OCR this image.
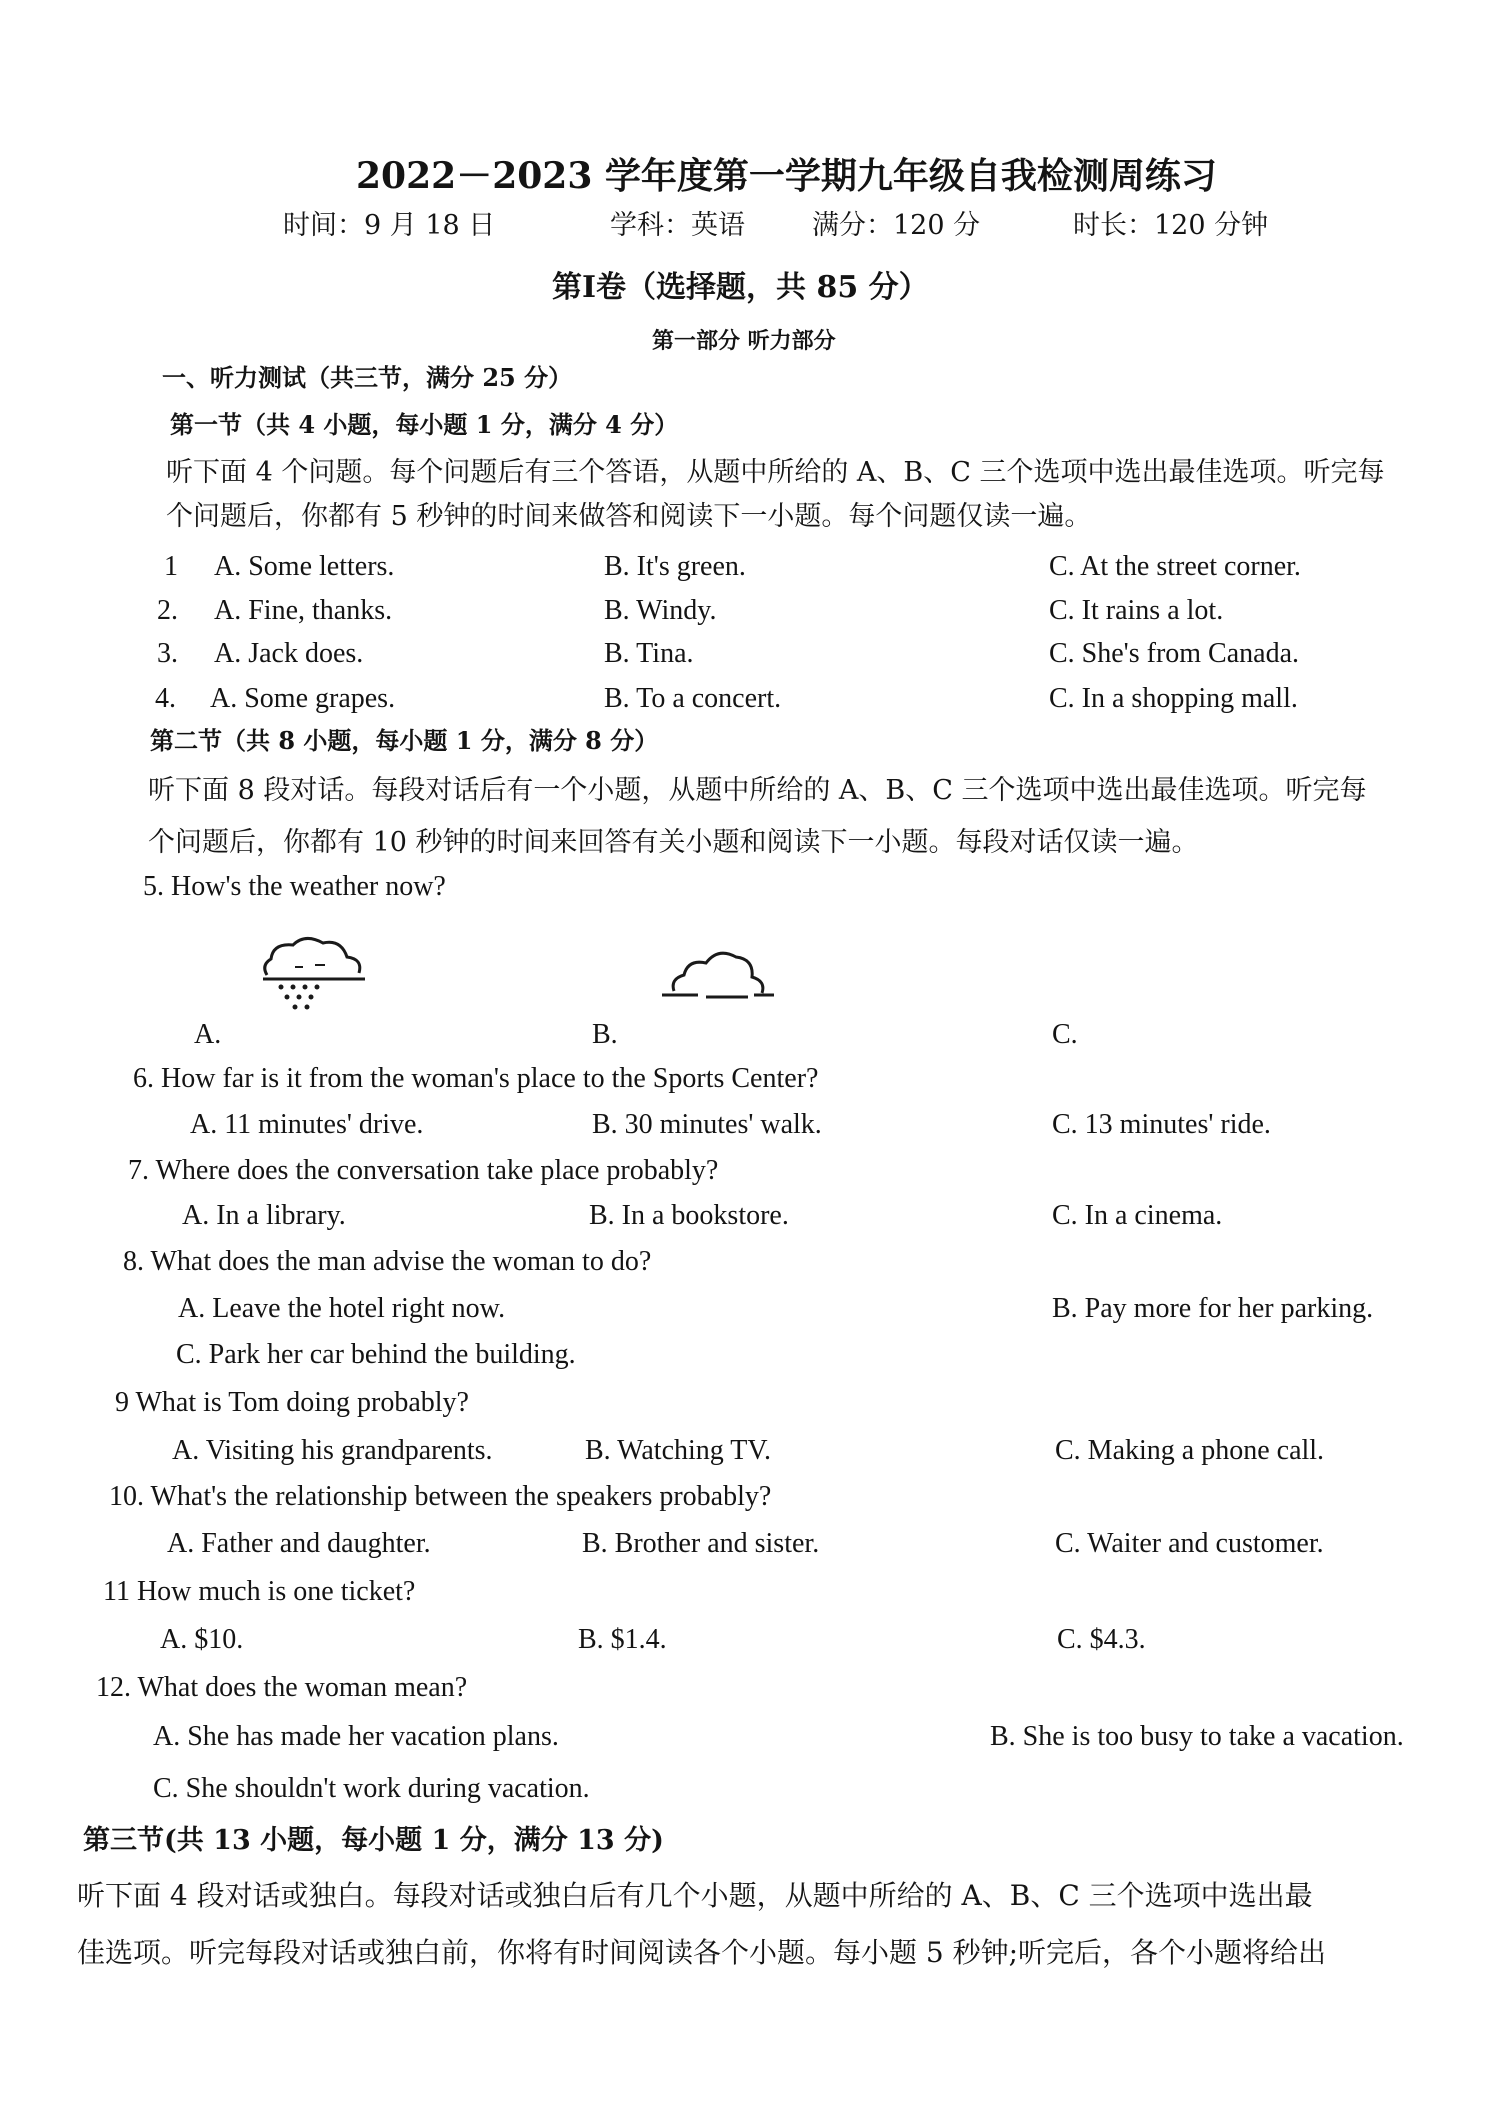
2022－2023 学年度第一学期九年级自我检测周练习
时间：9 月 18 日	学科：英语 满分：120 分	时长：120 分钟
第Ⅰ卷（选择题，共 85 分）
第一部分 听力部分
一、听力测试（共三节，满分 25 分）
第一节（共 4 小题，每小题 1 分，满分 4 分）
听下面 4 个问题。每个问题后有三个答语，从题中所给的 A、B、C 三个选项中选出最佳选项。听完每
个问题后，你都有 5 秒钟的时间来做答和阅读下一小题。每个问题仅读一遍。
1 A. Some letters.	B. It's green.	C. At the street corner.
2. A. Fine, thanks.	B. Windy.	C. It rains a lot.
3. A. Jack does.	B. Tina.	C. She's from Canada.
4. A. Some grapes.	B. To a concert.	C. In a shopping mall.
第二节（共 8 小题，每小题 1 分，满分 8 分）
听下面 8 段对话。每段对话后有一个小题，从题中所给的 A、B、C 三个选项中选出最佳选项。听完每
个问题后，你都有 10 秒钟的时间来回答有关小题和阅读下一小题。每段对话仅读一遍。
5. How's the weather now?
A.	B.	C.
6. How far is it from the woman's place to the Sports Center?
A. 11 minutes' drive.	B. 30 minutes' walk.	C. 13 minutes' ride.
7. Where does the conversation take place probably?
A. In a library.	B. In a bookstore.	C. In a cinema.
8. What does the man advise the woman to do?
A. Leave the hotel right now.	B. Pay more for her parking.
C. Park her car behind the building.
9 What is Tom doing probably?
A. Visiting his grandparents.	B. Watching TV.	C. Making a phone call.
10. What's the relationship between the speakers probably?
A. Father and daughter.	B. Brother and sister.	C. Waiter and customer.
11 How much is one ticket?
A. $10.	B. $1.4.	C. $4.3.
12. What does the woman mean?
A. She has made her vacation plans.	B. She is too busy to take a vacation.
C. She shouldn't work during vacation.
第三节(共 13 小题，每小题 1 分，满分 13 分)
听下面 4 段对话或独白。每段对话或独白后有几个小题，从题中所给的 A、B、C 三个选项中选出最
佳选项。听完每段对话或独白前，你将有时间阅读各个小题。每小题 5 秒钟;听完后，各个小题将给出
